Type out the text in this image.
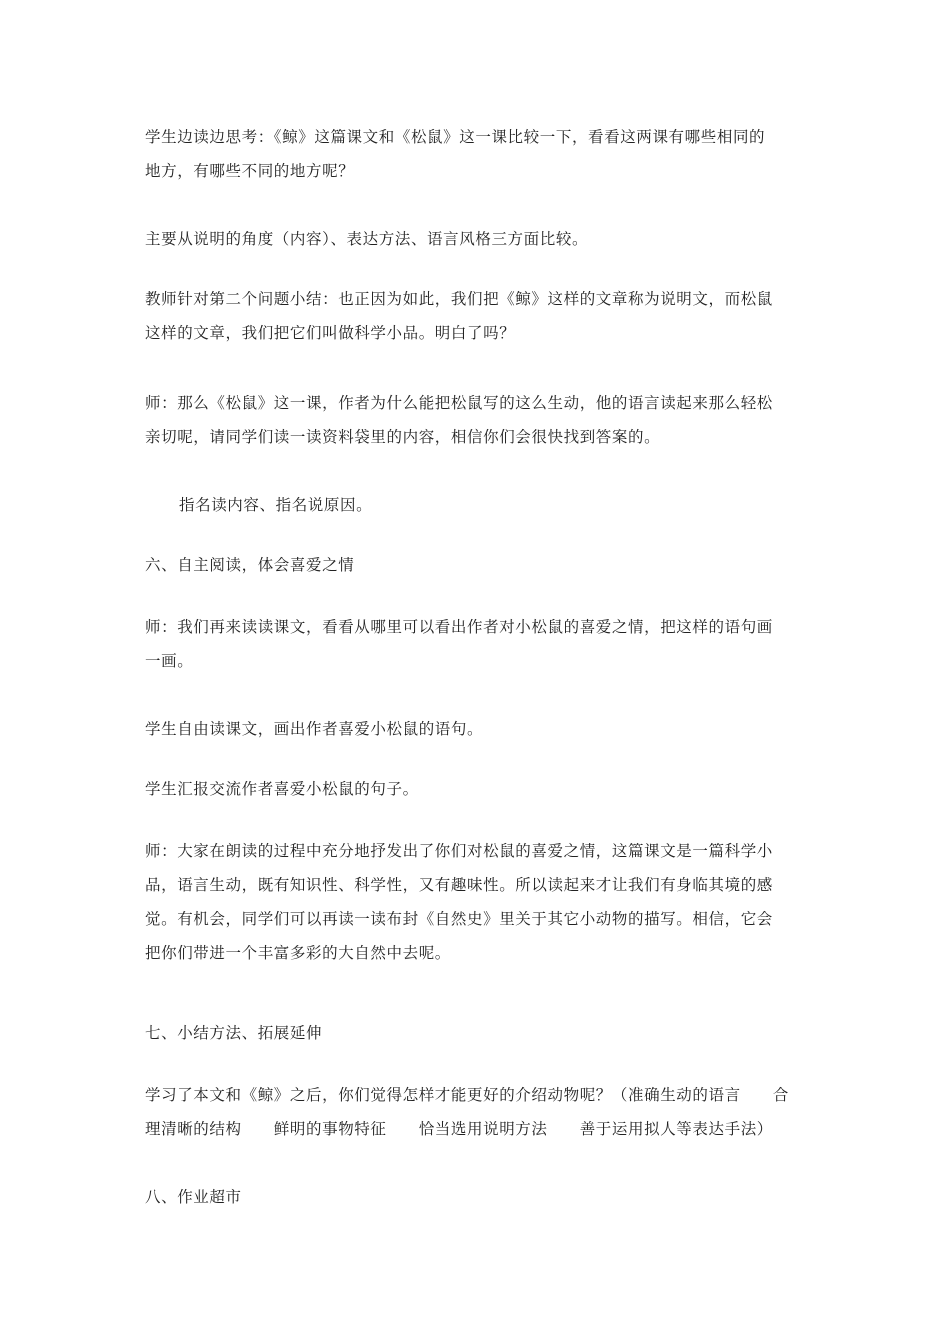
学生边读边思考：《鲸》这篇课文和《松鼠》这一课比较一下，看看这两课有哪些相同的
地方，有哪些不同的地方呢？
主要从说明的角度（内容）、表达方法、语言风格三方面比较。
教师针对第二个问题小结：也正因为如此，我们把《鲸》这样的文章称为说明文，而松鼠
这样的文章，我们把它们叫做科学小品。明白了吗？
师：那么《松鼠》这一课，作者为什么能把松鼠写的这么生动，他的语言读起来那么轻松
亲切呢，请同学们读一读资料袋里的内容，相信你们会很快找到答案的。
指名读内容、指名说原因。
六、自主阅读，体会喜爱之情
师：我们再来读读课文，看看从哪里可以看出作者对小松鼠的喜爱之情，把这样的语句画
一画。
学生自由读课文，画出作者喜爱小松鼠的语句。
学生汇报交流作者喜爱小松鼠的句子。
师：大家在朗读的过程中充分地抒发出了你们对松鼠的喜爱之情，这篇课文是一篇科学小
品，语言生动，既有知识性、科学性，又有趣味性。所以读起来才让我们有身临其境的感
觉。有机会，同学们可以再读一读布封《自然史》里关于其它小动物的描写。相信，它会
把你们带进一个丰富多彩的大自然中去呢。
七、小结方法、拓展延伸
学习了本文和《鲸》之后，你们觉得怎样才能更好的介绍动物呢？（准确生动的语言　　合
理清晰的结构　　鲜明的事物特征　　恰当选用说明方法　　善于运用拟人等表达手法）
八、作业超市
